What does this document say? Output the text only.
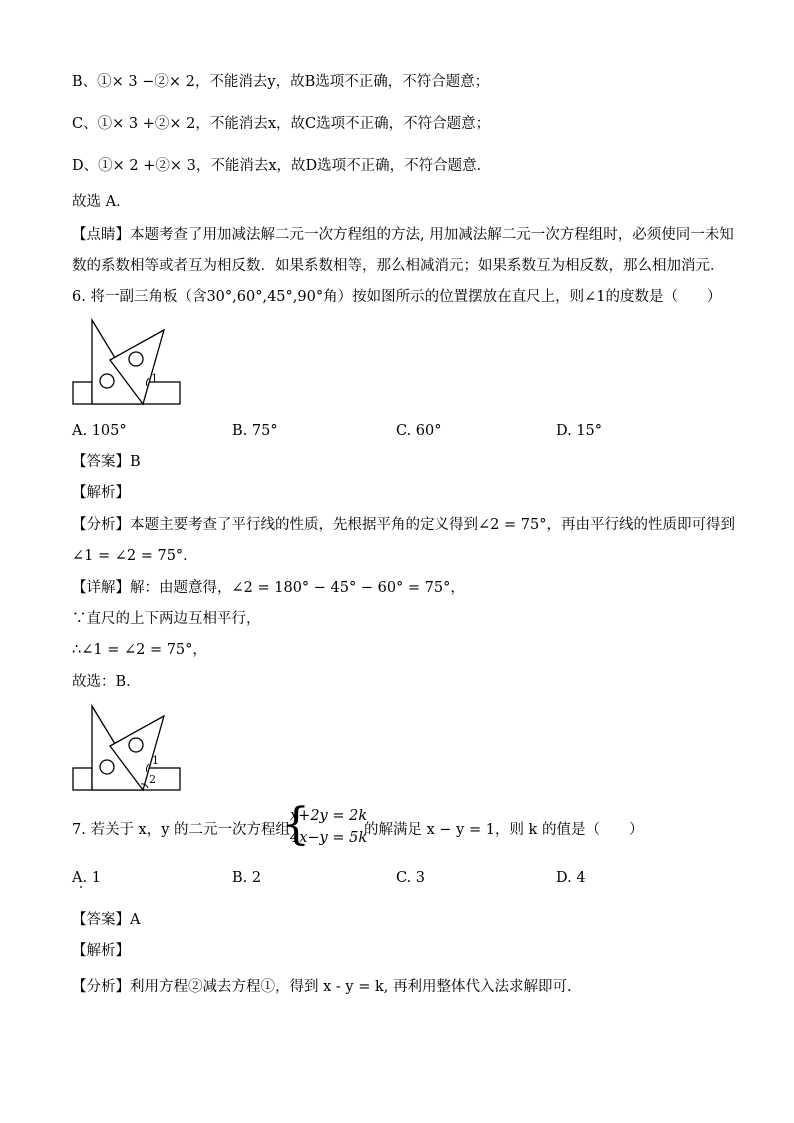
B、①× 3 −②× 2，不能消去y，故B选项不正确，不符合题意；
C、①× 3 +②× 2，不能消去x，故C选项不正确，不符合题意；
D、①× 2 +②× 3，不能消去x，故D选项不正确，不符合题意．
故选 A．
【点睛】本题考查了用加减法解二元一次方程组的方法, 用加减法解二元一次方程组时，必须使同一未知
数的系数相等或者互为相反数．如果系数相等，那么相减消元；如果系数互为相反数，那么相加消元．
6. 将一副三角板（含30°,60°,45°,90°角）按如图所示的位置摆放在直尺上，则∠1的度数是（　　）
1
A. 105°	B. 75°	C. 60°	D. 15°
【答案】B
【解析】
【分析】本题主要考查了平行线的性质，先根据平角的定义得到∠2 = 75°，再由平行线的性质即可得到
∠1 = ∠2 = 75°．
【详解】解：由题意得，∠2 = 180° − 45° − 60° = 75°，
∵直尺的上下两边互相平行，
∴∠1 = ∠2 = 75°，
故选：B．
1
2
7. 若关于 x，y 的二元一次方程组
{
x+2y = 2k
4x−y = 5k
的解满足 x − y = 1，则 k 的值是（　　）
A. 1	B. 2	C. 3	D. 4
【答案】A
【解析】
【分析】利用方程②减去方程①，得到 x - y = k, 再利用整体代入法求解即可.
